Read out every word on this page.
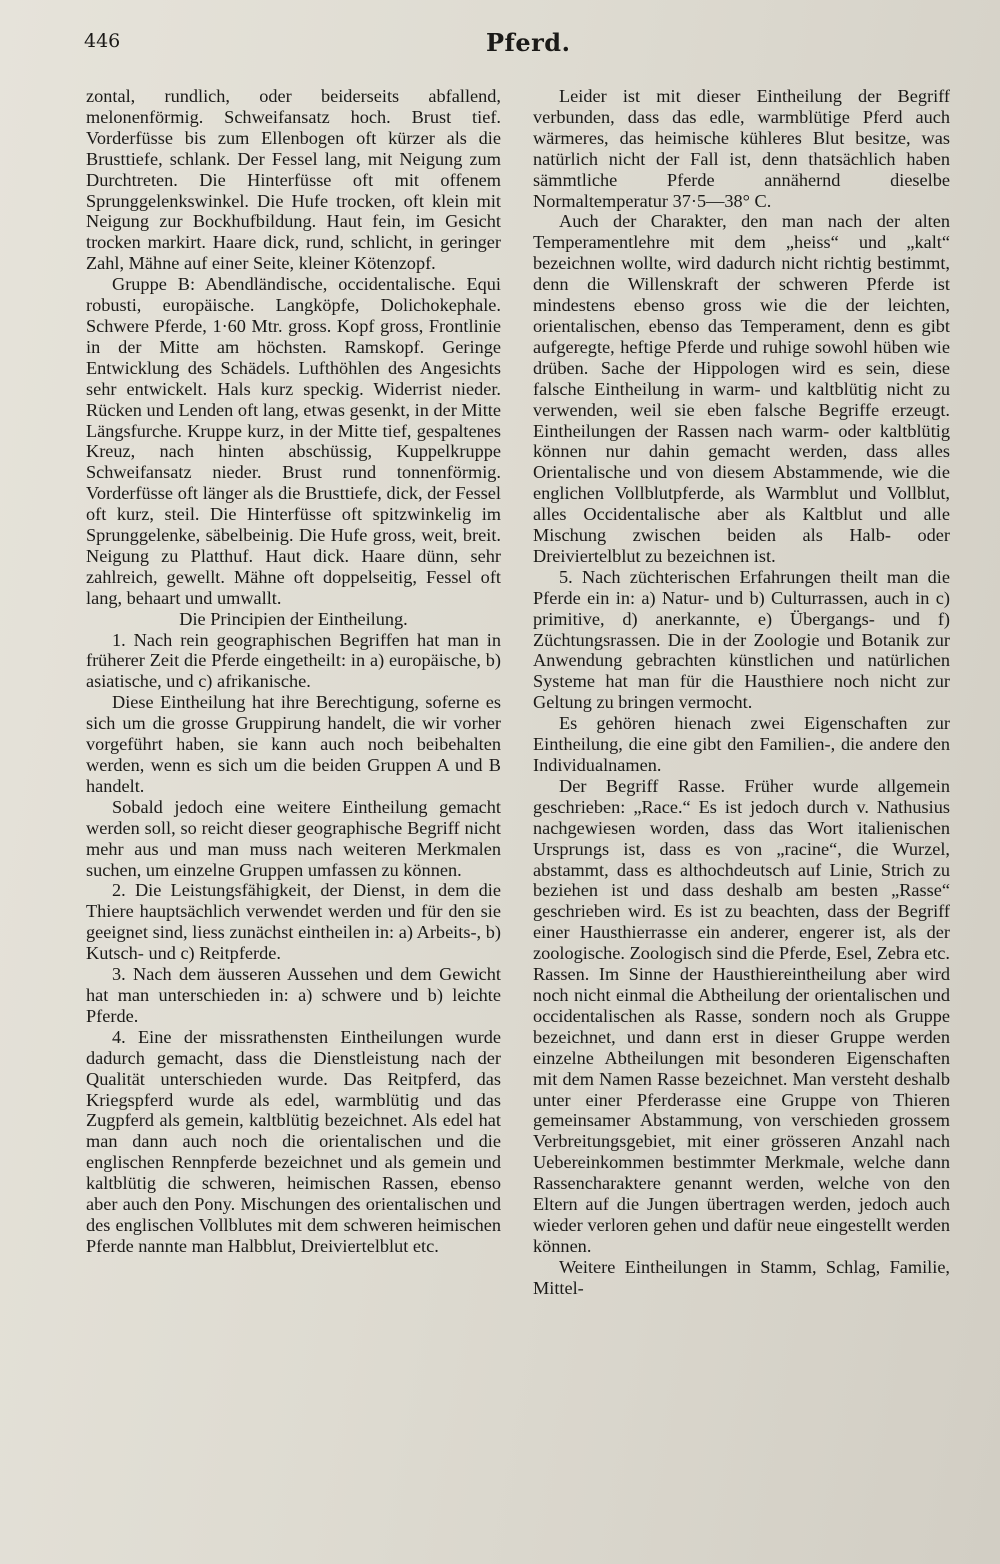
446	Pferd.

zontal, rundlich, oder beiderseits abfallend, melonenförmig. Schweifansatz hoch. Brust tief. Vorderfüsse bis zum Ellenbogen oft kürzer als die Brusttiefe, schlank. Der Fessel lang, mit Neigung zum Durchtreten. Die Hinterfüsse oft mit offenem Sprunggelenkswinkel. Die Hufe trocken, oft klein mit Neigung zur Bockhufbildung. Haut fein, im Gesicht trocken markirt. Haare dick, rund, schlicht, in geringer Zahl, Mähne auf einer Seite, kleiner Kötenzopf.

Gruppe B: Abendländische, occidentalische. Equi robusti, europäische. Langköpfe, Dolichokephale. Schwere Pferde, 1·60 Mtr. gross. Kopf gross, Frontlinie in der Mitte am höchsten. Ramskopf. Geringe Entwicklung des Schädels. Lufthöhlen des Angesichts sehr entwickelt. Hals kurz speckig. Widerrist nieder. Rücken und Lenden oft lang, etwas gesenkt, in der Mitte Längsfurche. Kruppe kurz, in der Mitte tief, gespaltenes Kreuz, nach hinten abschüssig, Kuppelkruppe Schweifansatz nieder. Brust rund tonnenförmig. Vorderfüsse oft länger als die Brusttiefe, dick, der Fessel oft kurz, steil. Die Hinterfüsse oft spitzwinkelig im Sprunggelenke, säbelbeinig. Die Hufe gross, weit, breit. Neigung zu Platthuf. Haut dick. Haare dünn, sehr zahlreich, gewellt. Mähne oft doppelseitig, Fessel oft lang, behaart und umwallt.

Die Principien der Eintheilung.

1. Nach rein geographischen Begriffen hat man in früherer Zeit die Pferde eingetheilt: in a) europäische, b) asiatische, und c) afrikanische.

Diese Eintheilung hat ihre Berechtigung, soferne es sich um die grosse Gruppirung handelt, die wir vorher vorgeführt haben, sie kann auch noch beibehalten werden, wenn es sich um die beiden Gruppen A und B handelt.

Sobald jedoch eine weitere Eintheilung gemacht werden soll, so reicht dieser geographische Begriff nicht mehr aus und man muss nach weiteren Merkmalen suchen, um einzelne Gruppen umfassen zu können.

2. Die Leistungsfähigkeit, der Dienst, in dem die Thiere hauptsächlich verwendet werden und für den sie geeignet sind, liess zunächst eintheilen in: a) Arbeits-, b) Kutsch- und c) Reitpferde.

3. Nach dem äusseren Aussehen und dem Gewicht hat man unterschieden in: a) schwere und b) leichte Pferde.

4. Eine der missrathensten Eintheilungen wurde dadurch gemacht, dass die Dienstleistung nach der Qualität unterschieden wurde. Das Reitpferd, das Kriegspferd wurde als edel, warmblütig und das Zugpferd als gemein, kaltblütig bezeichnet. Als edel hat man dann auch noch die orientalischen und die englischen Rennpferde bezeichnet und als gemein und kaltblütig die schweren, heimischen Rassen, ebenso aber auch den Pony. Mischungen des orientalischen und des englischen Vollblutes mit dem schweren heimischen Pferde nannte man Halbblut, Dreiviertelblut etc.

Leider ist mit dieser Eintheilung der Begriff verbunden, dass das edle, warmblütige Pferd auch wärmeres, das heimische kühleres Blut besitze, was natürlich nicht der Fall ist, denn thatsächlich haben sämmtliche Pferde annähernd dieselbe Normaltemperatur 37·5—38° C.

Auch der Charakter, den man nach der alten Temperamentlehre mit dem „heiss“ und „kalt“ bezeichnen wollte, wird dadurch nicht richtig bestimmt, denn die Willenskraft der schweren Pferde ist mindestens ebenso gross wie die der leichten, orientalischen, ebenso das Temperament, denn es gibt aufgeregte, heftige Pferde und ruhige sowohl hüben wie drüben. Sache der Hippologen wird es sein, diese falsche Eintheilung in warm- und kaltblütig nicht zu verwenden, weil sie eben falsche Begriffe erzeugt. Eintheilungen der Rassen nach warm- oder kaltblütig können nur dahin gemacht werden, dass alles Orientalische und von diesem Abstammende, wie die englichen Vollblutpferde, als Warmblut und Vollblut, alles Occidentalische aber als Kaltblut und alle Mischung zwischen beiden als Halb- oder Dreiviertelblut zu bezeichnen ist.

5. Nach züchterischen Erfahrungen theilt man die Pferde ein in: a) Natur- und b) Culturrassen, auch in c) primitive, d) anerkannte, e) Übergangs- und f) Züchtungsrassen. Die in der Zoologie und Botanik zur Anwendung gebrachten künstlichen und natürlichen Systeme hat man für die Hausthiere noch nicht zur Geltung zu bringen vermocht.

Es gehören hienach zwei Eigenschaften zur Eintheilung, die eine gibt den Familien-, die andere den Individualnamen.

Der Begriff Rasse. Früher wurde allgemein geschrieben: „Race.“ Es ist jedoch durch v. Nathusius nachgewiesen worden, dass das Wort italienischen Ursprungs ist, dass es von „racine“, die Wurzel, abstammt, dass es althochdeutsch auf Linie, Strich zu beziehen ist und dass deshalb am besten „Rasse“ geschrieben wird. Es ist zu beachten, dass der Begriff einer Hausthierrasse ein anderer, engerer ist, als der zoologische. Zoologisch sind die Pferde, Esel, Zebra etc. Rassen. Im Sinne der Hausthiereintheilung aber wird noch nicht einmal die Abtheilung der orientalischen und occidentalischen als Rasse, sondern noch als Gruppe bezeichnet, und dann erst in dieser Gruppe werden einzelne Abtheilungen mit besonderen Eigenschaften mit dem Namen Rasse bezeichnet. Man versteht deshalb unter einer Pferderasse eine Gruppe von Thieren gemeinsamer Abstammung, von verschieden grossem Verbreitungsgebiet, mit einer grösseren Anzahl nach Uebereinkommen bestimmter Merkmale, welche dann Rassencharaktere genannt werden, welche von den Eltern auf die Jungen übertragen werden, jedoch auch wieder verloren gehen und dafür neue eingestellt werden können.

Weitere Eintheilungen in Stamm, Schlag, Familie, Mittel-
